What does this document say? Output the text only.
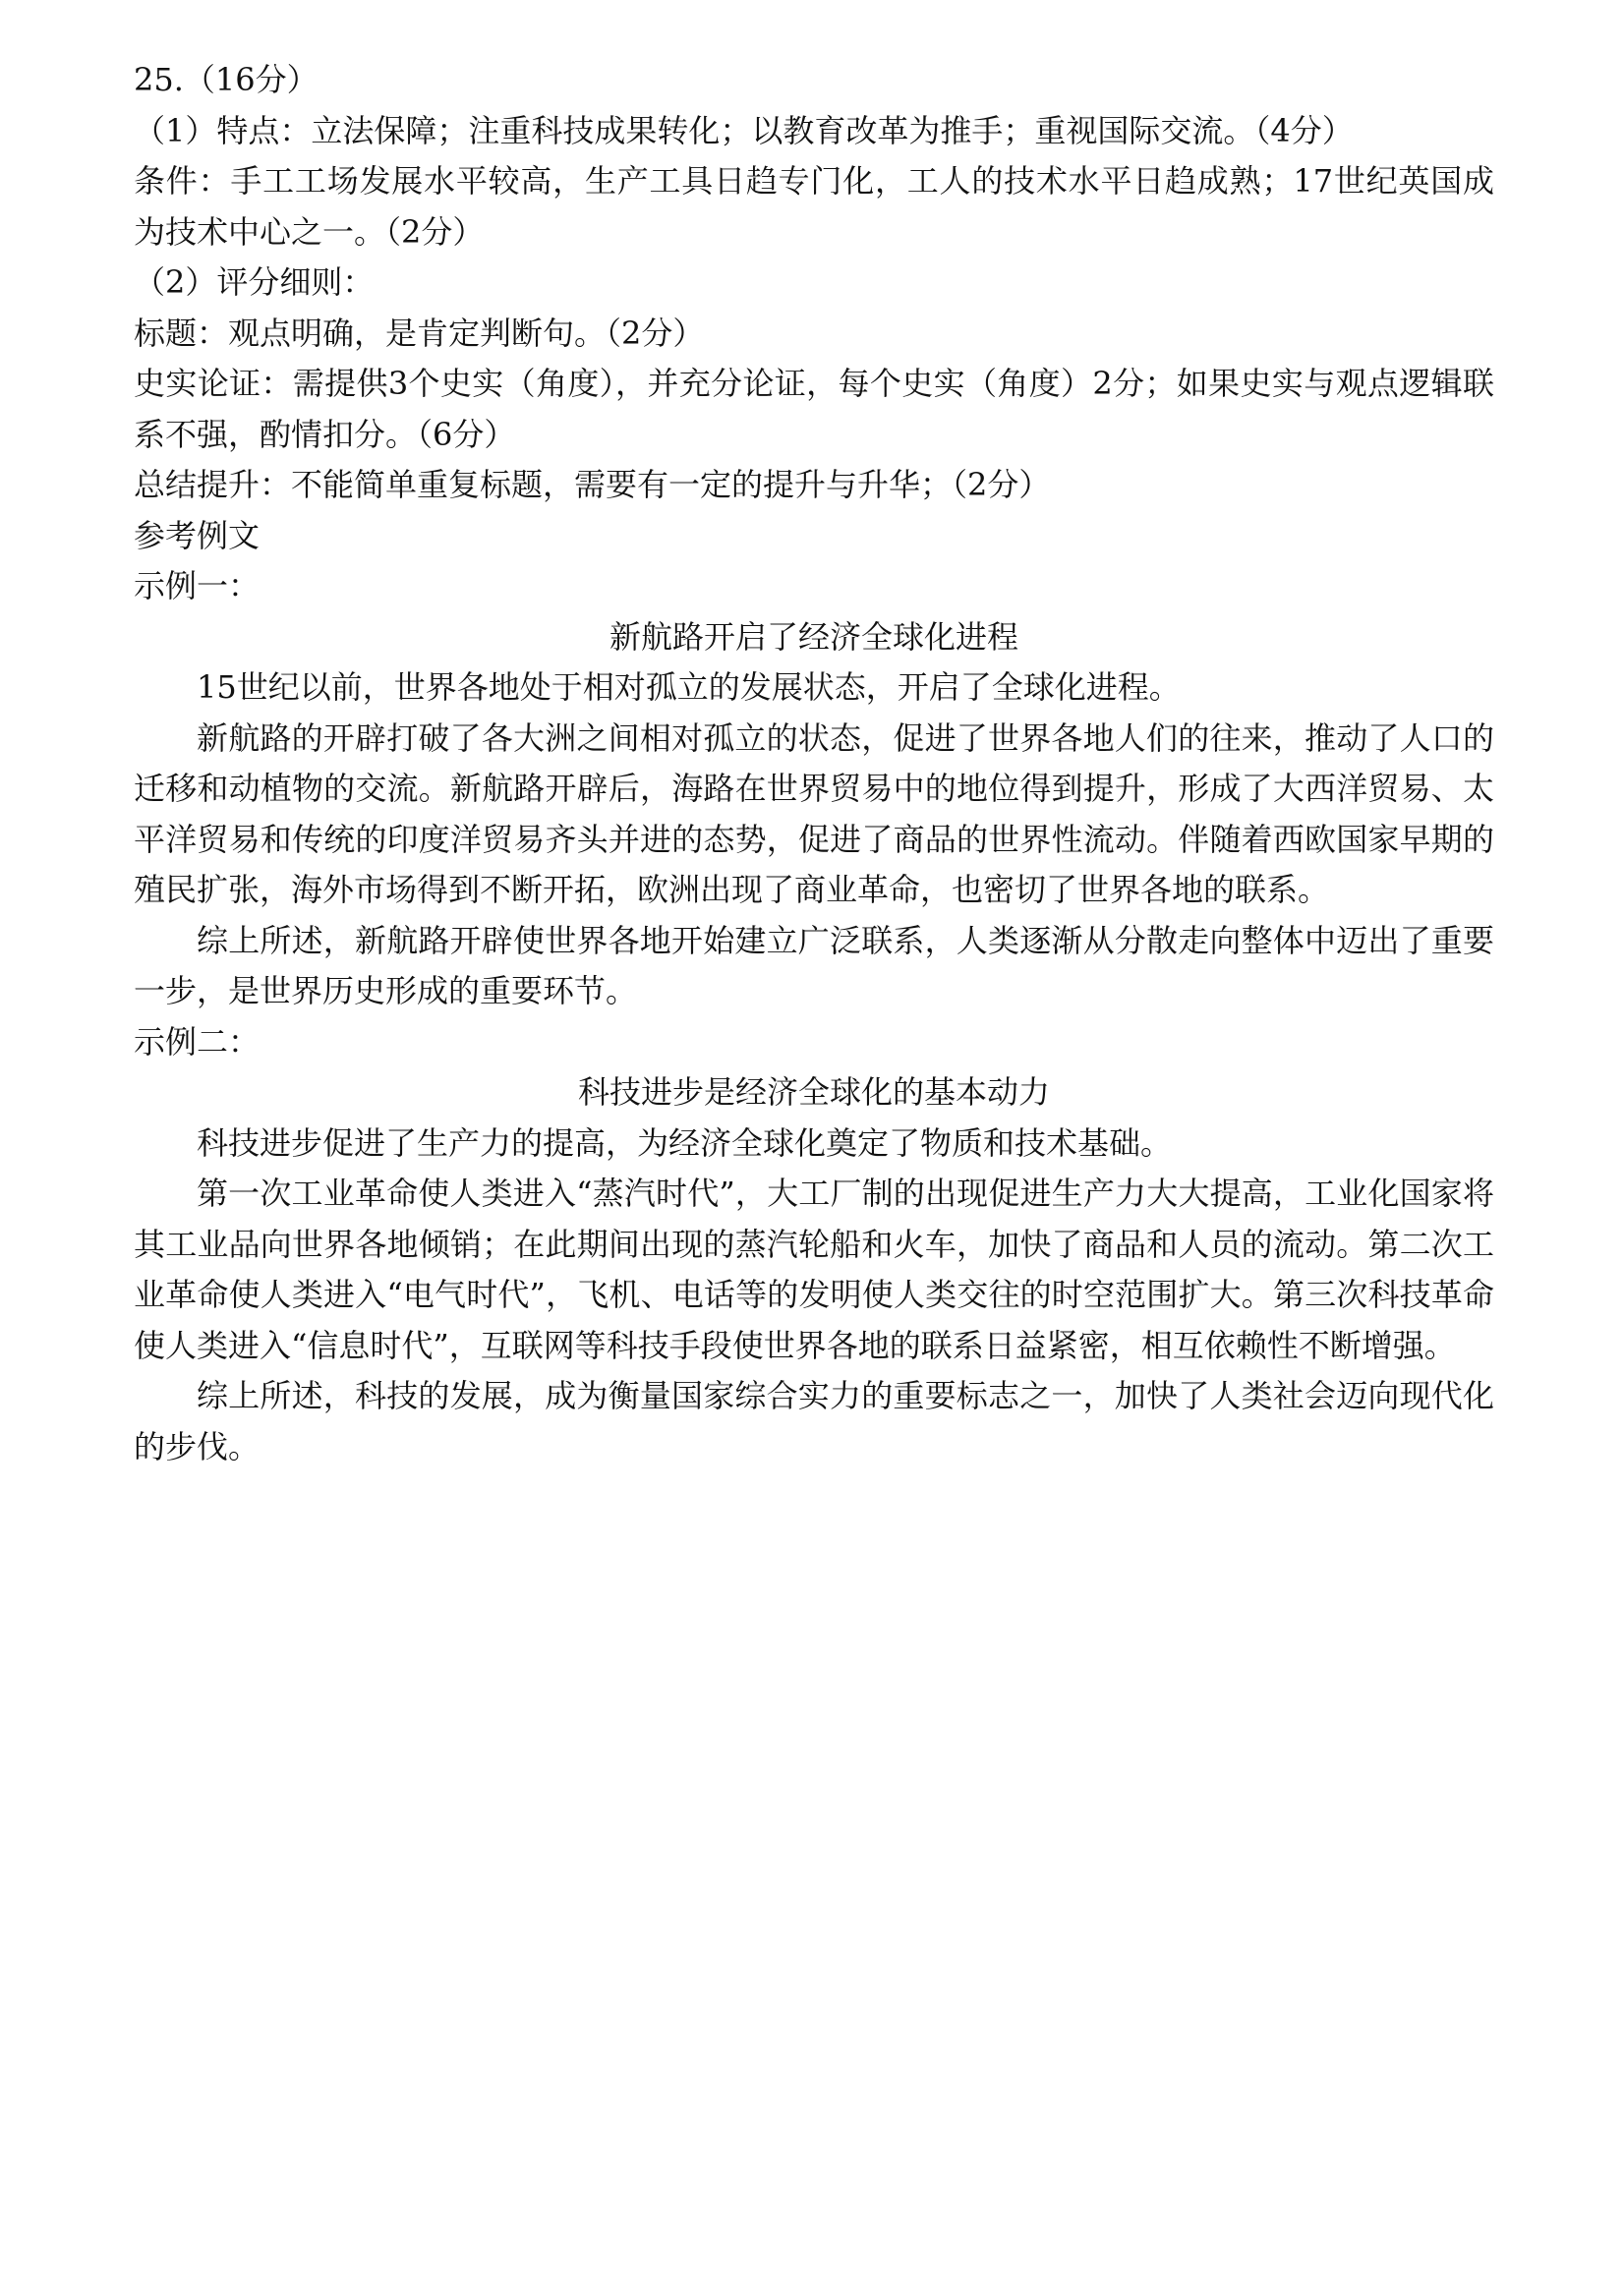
25.（16分）

（1）特点：立法保障；注重科技成果转化；以教育改革为推手；重视国际交流。（4分）

条件：手工工场发展水平较高，生产工具日趋专门化，工人的技术水平日趋成熟；17世纪英国成为技术中心之一。（2分）

（2）评分细则：

标题：观点明确，是肯定判断句。（2分）

史实论证：需提供3个史实（角度），并充分论证，每个史实（角度）2分；如果史实与观点逻辑联系不强，酌情扣分。（6分）

总结提升：不能简单重复标题，需要有一定的提升与升华；（2分）

参考例文

示例一：

新航路开启了经济全球化进程

15世纪以前，世界各地处于相对孤立的发展状态，开启了全球化进程。

新航路的开辟打破了各大洲之间相对孤立的状态，促进了世界各地人们的往来，推动了人口的迁移和动植物的交流。新航路开辟后，海路在世界贸易中的地位得到提升，形成了大西洋贸易、太平洋贸易和传统的印度洋贸易齐头并进的态势，促进了商品的世界性流动。伴随着西欧国家早期的殖民扩张，海外市场得到不断开拓，欧洲出现了商业革命，也密切了世界各地的联系。

综上所述，新航路开辟使世界各地开始建立广泛联系，人类逐渐从分散走向整体中迈出了重要一步，是世界历史形成的重要环节。

示例二：

科技进步是经济全球化的基本动力

科技进步促进了生产力的提高，为经济全球化奠定了物质和技术基础。

第一次工业革命使人类进入“蒸汽时代”，大工厂制的出现促进生产力大大提高，工业化国家将其工业品向世界各地倾销；在此期间出现的蒸汽轮船和火车，加快了商品和人员的流动。第二次工业革命使人类进入“电气时代”，飞机、电话等的发明使人类交往的时空范围扩大。第三次科技革命使人类进入“信息时代”，互联网等科技手段使世界各地的联系日益紧密，相互依赖性不断增强。

综上所述，科技的发展，成为衡量国家综合实力的重要标志之一，加快了人类社会迈向现代化的步伐。
